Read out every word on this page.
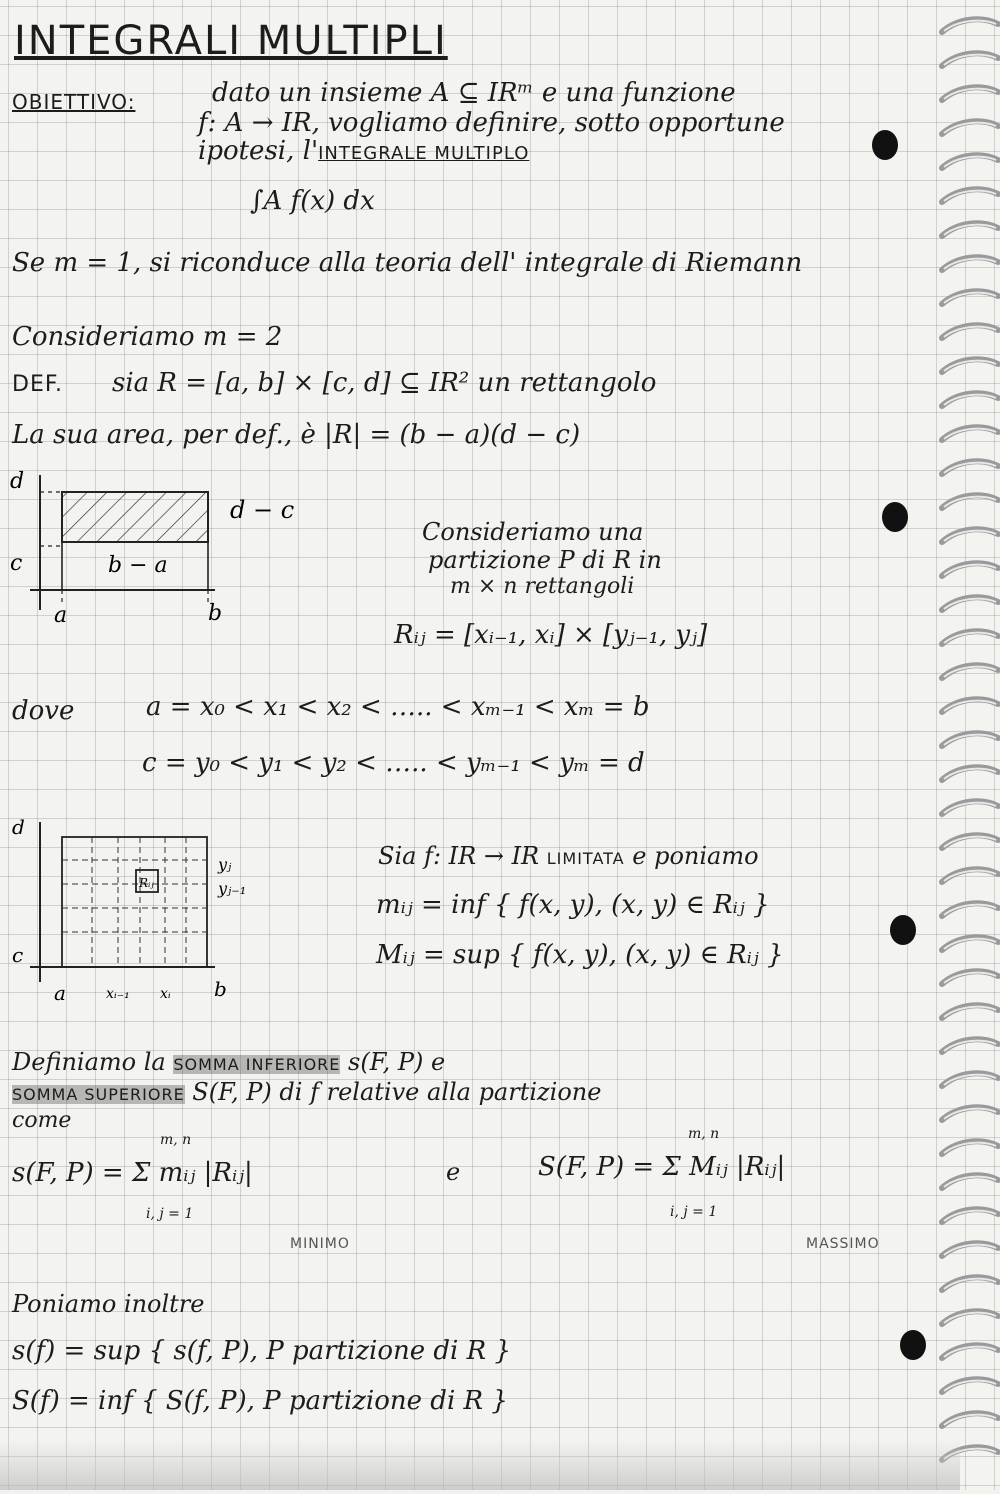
INTEGRALI MULTIPLI
OBIETTIVO:	dato un insieme A ⊆ IRᵐ e una funzione
f: A → IR, vogliamo definire, sotto opportune
ipotesi, l'INTEGRALE MULTIPLO
∫A f(x) dx
Se m = 1, si riconduce alla teoria dell' integrale di Riemann
Consideriamo m = 2
DEF. sia R = [a, b] × [c, d] ⊆ IR² un rettangolo
La sua area, per def., è |R| = (b − a)(d − c)
d
c
a	b
d − c
b − a
Consideriamo una
partizione P di R in
m × n rettangoli
Rᵢⱼ = [xᵢ₋₁, xᵢ] × [yⱼ₋₁, yⱼ]
dove	a = x₀ < x₁ < x₂ < ….. < xₘ₋₁ < xₘ = b
c = y₀ < y₁ < y₂ < ….. < yₘ₋₁ < yₘ = d
Rᵢⱼ
d
c
a	b
yⱼ
yⱼ₋₁
xᵢ₋₁ xᵢ
Sia f: IR → IR LIMITATA e poniamo
mᵢⱼ = inf { f(x, y), (x, y) ∈ Rᵢⱼ }
Mᵢⱼ = sup { f(x, y), (x, y) ∈ Rᵢⱼ }
Definiamo la SOMMA INFERIORE s(F, P) e
SOMMA SUPERIORE S(F, P) di f relative alla partizione
come
m, n
s(F, P) = Σ mᵢⱼ |Rᵢⱼ|
i, j = 1
MINIMO
e
m, n
S(F, P) = Σ Mᵢⱼ |Rᵢⱼ|
i, j = 1
MASSIMO
Poniamo inoltre
s(f) = sup { s(f, P), P partizione di R }
S(f) = inf { S(f, P), P partizione di R }
